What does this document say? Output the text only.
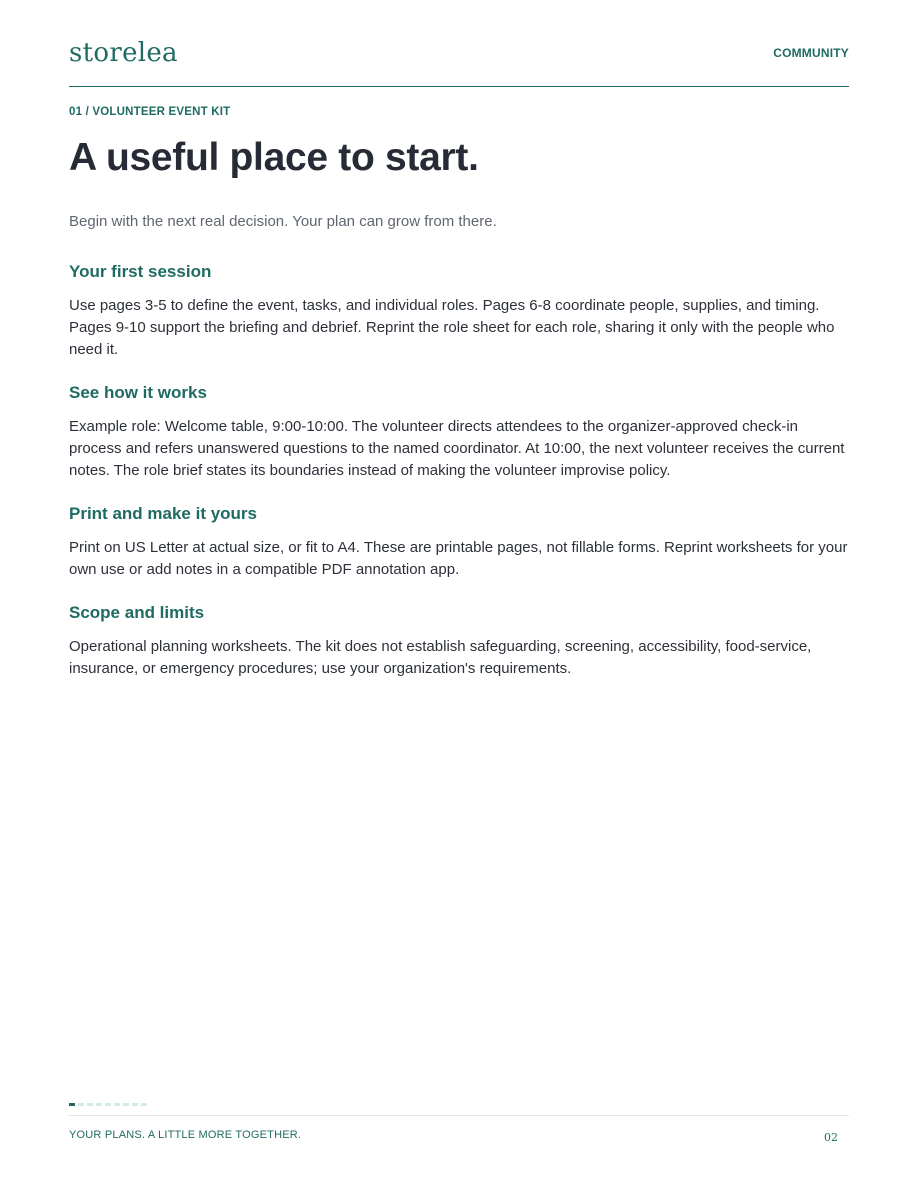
storelea	COMMUNITY
01 / VOLUNTEER EVENT KIT
A useful place to start.
Begin with the next real decision. Your plan can grow from there.
Your first session

Use pages 3-5 to define the event, tasks, and individual roles. Pages 6-8 coordinate people, supplies, and timing. Pages 9-10 support the briefing and debrief. Reprint the role sheet for each role, sharing it only with the people who need it.

See how it works

Example role: Welcome table, 9:00-10:00. The volunteer directs attendees to the organizer-approved check-in process and refers unanswered questions to the named coordinator. At 10:00, the next volunteer receives the current notes. The role brief states its boundaries instead of making the volunteer improvise policy.

Print and make it yours

Print on US Letter at actual size, or fit to A4. These are printable pages, not fillable forms. Reprint worksheets for your own use or add notes in a compatible PDF annotation app.

Scope and limits

Operational planning worksheets. The kit does not establish safeguarding, screening, accessibility, food-service, insurance, or emergency procedures; use your organization's requirements.

YOUR PLANS. A LITTLE MORE TOGETHER.	02
